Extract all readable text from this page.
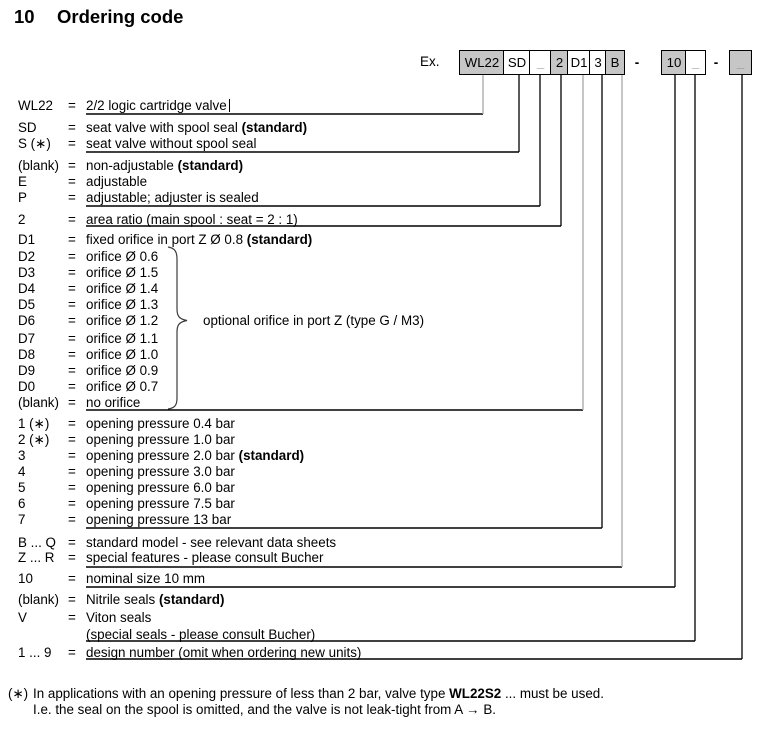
10 Ordering code
Ex.	WL22 SD _ 2 D1 3 B	-	10 _	-	_
WL22 = 2/2 logic cartridge valve
SD = seat valve with spool seal (standard)
S (∗) = seat valve without spool seal
(blank) = non-adjustable (standard)
E	= adjustable
P	= adjustable; adjuster is sealed
2	= area ratio (main spool : seat = 2 : 1)
D1 = fixed orifice in port Z Ø 0.8 (standard)
D2 = orifice Ø 0.6
D3 = orifice Ø 1.5
D4 = orifice Ø 1.4
D5 = orifice Ø 1.3
D6 = orifice Ø 1.2
D7 = orifice Ø 1.1
D8 = orifice Ø 1.0
D9 = orifice Ø 0.9
D0 = orifice Ø 0.7
(blank) = no orifice
1 (∗) = opening pressure 0.4 bar
2 (∗) = opening pressure 1.0 bar
3	= opening pressure 2.0 bar (standard)
4	= opening pressure 3.0 bar
5	= opening pressure 6.0 bar
6	= opening pressure 7.5 bar
7	= opening pressure 13 bar
B ... Q = standard model - see relevant data sheets
Z ... R = special features - please consult Bucher
10	= nominal size 10 mm
(blank) = Nitrile seals (standard)
V	= Viton seals
(special seals - please consult Bucher)
1 ... 9 = design number (omit when ordering new units)
optional orifice in port Z (type G / M3)
(∗) In applications with an opening pressure of less than 2 bar, valve type WL22S2 ... must be used.
I.e. the seal on the spool is omitted, and the valve is not leak-tight from A → B.
